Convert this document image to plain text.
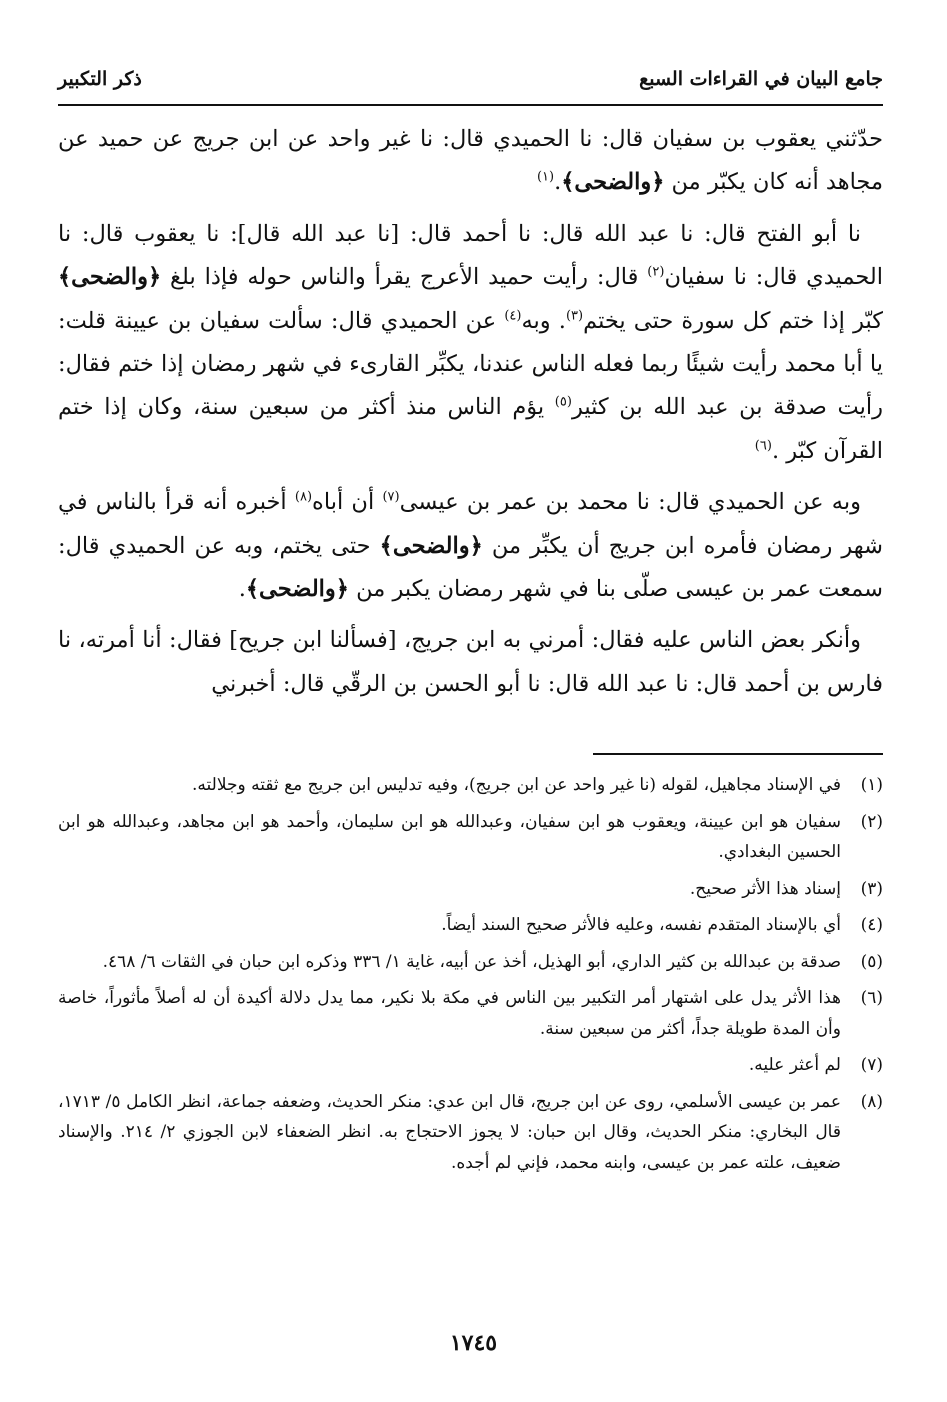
جامع البيان في القراءات السبع
ذكر التكبير

حدّثني يعقوب بن سفيان قال: نا الحميدي قال: نا غير واحد عن ابن جريج عن حميد عن مجاهد أنه كان يكبّر من ﴿والضحى﴾.$^{(١)}$

نا أبو الفتح قال: نا عبد الله قال: نا أحمد قال: [نا عبد الله قال]: نا يعقوب قال: نا الحميدي قال: نا سفيان$^{(٢)}$ قال: رأيت حميد الأعرج يقرأ والناس حوله فإذا بلغ ﴿والضحى﴾ كبّر إذا ختم كل سورة حتى يختم$^{(٣)}$. وبه$^{(٤)}$ عن الحميدي قال: سألت سفيان بن عيينة قلت: يا أبا محمد رأيت شيئًا ربما فعله الناس عندنا، يكبِّر القارىء في شهر رمضان إذا ختم فقال: رأيت صدقة بن عبد الله بن كثير$^{(٥)}$ يؤم الناس منذ أكثر من سبعين سنة، وكان إذا ختم القرآن كبّر .$^{(٦)}$

وبه عن الحميدي قال: نا محمد بن عمر بن عيسى$^{(٧)}$ أن أباه$^{(٨)}$ أخبره أنه قرأ بالناس في شهر رمضان فأمره ابن جريج أن يكبِّر من ﴿والضحى﴾ حتى يختم، وبه عن الحميدي قال: سمعت عمر بن عيسى صلّى بنا في شهر رمضان يكبر من ﴿والضحى﴾.

وأنكر بعض الناس عليه فقال: أمرني به ابن جريج، [فسألنا ابن جريح] فقال: أنا أمرته، نا فارس بن أحمد قال: نا عبد الله قال: نا أبو الحسن بن الرقّي قال: أخبرني

(١)
في الإسناد مجاهيل، لقوله (نا غير واحد عن ابن جريج)، وفيه تدليس ابن جريج مع ثقته وجلالته.
(٢)
سفيان هو ابن عيينة، ويعقوب هو ابن سفيان، وعبدالله هو ابن سليمان، وأحمد هو ابن مجاهد، وعبدالله هو ابن الحسين البغدادي.
(٣)
إسناد هذا الأثر صحيح.
(٤)
أي بالإسناد المتقدم نفسه، وعليه فالأثر صحيح السند أيضاً.
(٥)
صدقة بن عبدالله بن كثير الداري، أبو الهذيل، أخذ عن أبيه، غاية ١/ ٣٣٦ وذكره ابن حبان في الثقات ٦/ ٤٦٨.
(٦)
هذا الأثر يدل على اشتهار أمر التكبير بين الناس في مكة بلا نكير، مما يدل دلالة أكيدة أن له أصلاً مأثوراً، خاصة وأن المدة طويلة جداً، أكثر من سبعين سنة.
(٧)
لم أعثر عليه.
(٨)
عمر بن عيسى الأسلمي، روى عن ابن جريج، قال ابن عدي: منكر الحديث، وضعفه جماعة، انظر الكامل ٥/ ١٧١٣، قال البخاري: منكر الحديث، وقال ابن حبان: لا يجوز الاحتجاج به. انظر الضعفاء لابن الجوزي ٢/ ٢١٤. والإسناد ضعيف، علته عمر بن عيسى، وابنه محمد، فإني لم أجده.
١٧٤٥
